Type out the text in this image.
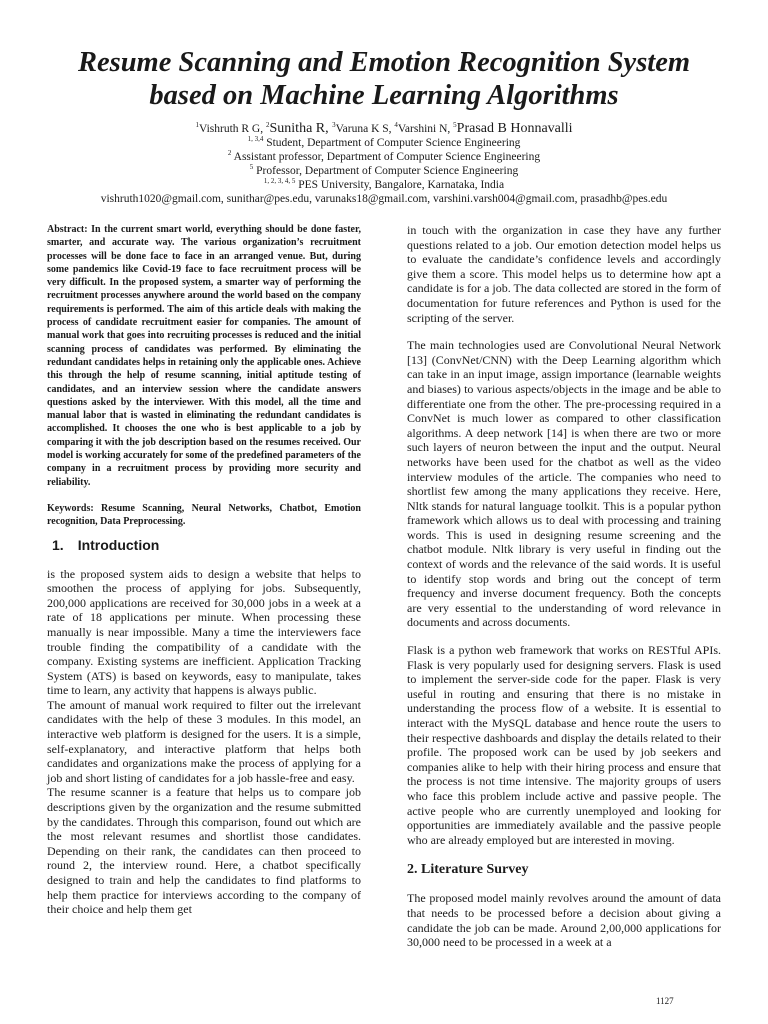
Resume Scanning and Emotion Recognition System
based on Machine Learning Algorithms
$^1$Vishruth R G, $^2$Sunitha R, $^3$Varuna K S, $^4$Varshini N, $^5$Prasad B Honnavalli
$^{1, 3,4}$ Student, Department of Computer Science Engineering
$^2$ Assistant professor, Department of Computer Science Engineering
$^5$ Professor, Department of Computer Science Engineering
$^{1, 2, 3, 4, 5}$ PES University, Bangalore, Karnataka, India
vishruth1020@gmail.com, sunithar@pes.edu, varunaks18@gmail.com, varshini.varsh004@gmail.com, prasadhb@pes.edu

Abstract: In the current smart world, everything should be done faster, smarter, and accurate way. The various organization’s recruitment processes will be done face to face in an arranged venue. But, during some pandemics like Covid-19 face to face recruitment process will be very difficult. In the proposed system, a smarter way of performing the recruitment processes anywhere around the world based on the company requirements is performed. The aim of this article deals with making the process of candidate recruitment easier for companies. The amount of manual work that goes into recruiting processes is reduced and the initial scanning process of candidates was performed. By eliminating the redundant candidates helps in retaining only the applicable ones. Achieve this through the help of resume scanning, initial aptitude testing of candidates, and an interview session where the candidate answers questions asked by the interviewer. With this model, all the time and manual labor that is wasted in eliminating the redundant candidates is accomplished. It chooses the one who is best applicable to a job by comparing it with the job description based on the resumes received. Our model is working accurately for some of the predefined parameters of the company in a recruitment process by providing more security and reliability.

Keywords: Resume Scanning, Neural Networks, Chatbot, Emotion recognition, Data Preprocessing.

1. Introduction

is the proposed system aids to design a website that helps to smoothen the process of applying for jobs. Subsequently, 200,000 applications are received for 30,000 jobs in a week at a rate of 18 applications per minute. When processing these manually is near impossible. Many a time the interviewers face trouble finding the compatibility of a candidate with the company. Existing systems are inefficient. Application Tracking System (ATS) is based on keywords, easy to manipulate, takes time to learn, any activity that happens is always public.

The amount of manual work required to filter out the irrelevant candidates with the help of these 3 modules. In this model, an interactive web platform is designed for the users. It is a simple, self-explanatory, and interactive platform that helps both candidates and organizations make the process of applying for a job and short listing of candidates for a job hassle-free and easy.

The resume scanner is a feature that helps us to compare job descriptions given by the organization and the resume submitted by the candidates. Through this comparison, found out which are the most relevant resumes and shortlist those candidates. Depending on their rank, the candidates can then proceed to round 2, the interview round. Here, a chatbot specifically designed to train and help the candidates to find platforms to help them practice for interviews according to the company of their choice and help them get

in touch with the organization in case they have any further questions related to a job. Our emotion detection model helps us to evaluate the candidate’s confidence levels and accordingly give them a score. This model helps us to determine how apt a candidate is for a job. The data collected are stored in the form of documentation for future references and Python is used for the scripting of the server.

The main technologies used are Convolutional Neural Network [13] (ConvNet/CNN) with the Deep Learning algorithm which can take in an input image, assign importance (learnable weights and biases) to various aspects/objects in the image and be able to differentiate one from the other. The pre-processing required in a ConvNet is much lower as compared to other classification algorithms. A deep network [14] is when there are two or more such layers of neuron between the input and the output. Neural networks have been used for the chatbot as well as the video interview modules of the article. The companies who need to shortlist few among the many applications they receive. Here, Nltk stands for natural language toolkit. This is a popular python framework which allows us to deal with processing and training words. This is used in designing resume screening and the chatbot module. Nltk library is very useful in finding out the context of words and the relevance of the said words. It is useful to identify stop words and bring out the concept of term frequency and inverse document frequency. Both the concepts are very essential to the understanding of word relevance in documents and across documents.

Flask is a python web framework that works on RESTful APIs. Flask is very popularly used for designing servers. Flask is used to implement the server-side code for the paper. Flask is very useful in routing and ensuring that there is no mistake in understanding the process flow of a website. It is essential to interact with the MySQL database and hence route the users to their respective dashboards and display the details related to their profile. The proposed work can be used by job seekers and companies alike to help with their hiring process and ensure that the process is not time intensive. The majority groups of users who face this problem include active and passive people. The active people who are currently unemployed and looking for opportunities are immediately available and the passive people who are already employed but are interested in moving.

2. Literature Survey

The proposed model mainly revolves around the amount of data that needs to be processed before a decision about giving a candidate the job can be made. Around 2,00,000 applications for 30,000 need to be processed in a week at a

1127
